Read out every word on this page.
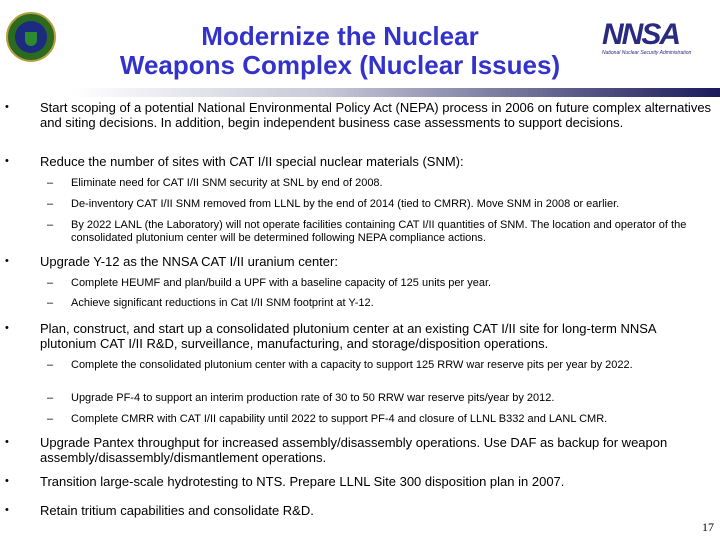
Modernize the Nuclear
Weapons Complex (Nuclear Issues)
NNSA
National Nuclear Security Administration
• Start scoping of a potential National Environmental Policy Act (NEPA) process in 2006 on future complex alternatives and siting decisions. In addition, begin independent business case assessments to support decisions.
• Reduce the number of sites with CAT I/II special nuclear materials (SNM):
– Eliminate need for CAT I/II SNM security at SNL by end of 2008.
– De-inventory CAT I/II SNM removed from LLNL by the end of 2014 (tied to CMRR). Move SNM in 2008 or earlier.
– By 2022 LANL (the Laboratory) will not operate facilities containing CAT I/II quantities of SNM. The location and operator of the consolidated plutonium center will be determined following NEPA compliance actions.
• Upgrade Y-12 as the NNSA CAT I/II uranium center:
– Complete HEUMF and plan/build a UPF with a baseline capacity of 125 units per year.
– Achieve significant reductions in Cat I/II SNM footprint at Y-12.
• Plan, construct, and start up a consolidated plutonium center at an existing CAT I/II site for long-term NNSA plutonium CAT I/II R&D, surveillance, manufacturing, and storage/disposition operations.
– Complete the consolidated plutonium center with a capacity to support 125 RRW war reserve pits per year by 2022.
– Upgrade PF-4 to support an interim production rate of 30 to 50 RRW war reserve pits/year by 2012.
– Complete CMRR with CAT I/II capability until 2022 to support PF-4 and closure of LLNL B332 and LANL CMR.
• Upgrade Pantex throughput for increased assembly/disassembly operations. Use DAF as backup for weapon assembly/disassembly/dismantlement operations.
• Transition large-scale hydrotesting to NTS. Prepare LLNL Site 300 disposition plan in 2007.
• Retain tritium capabilities and consolidate R&D.
17
